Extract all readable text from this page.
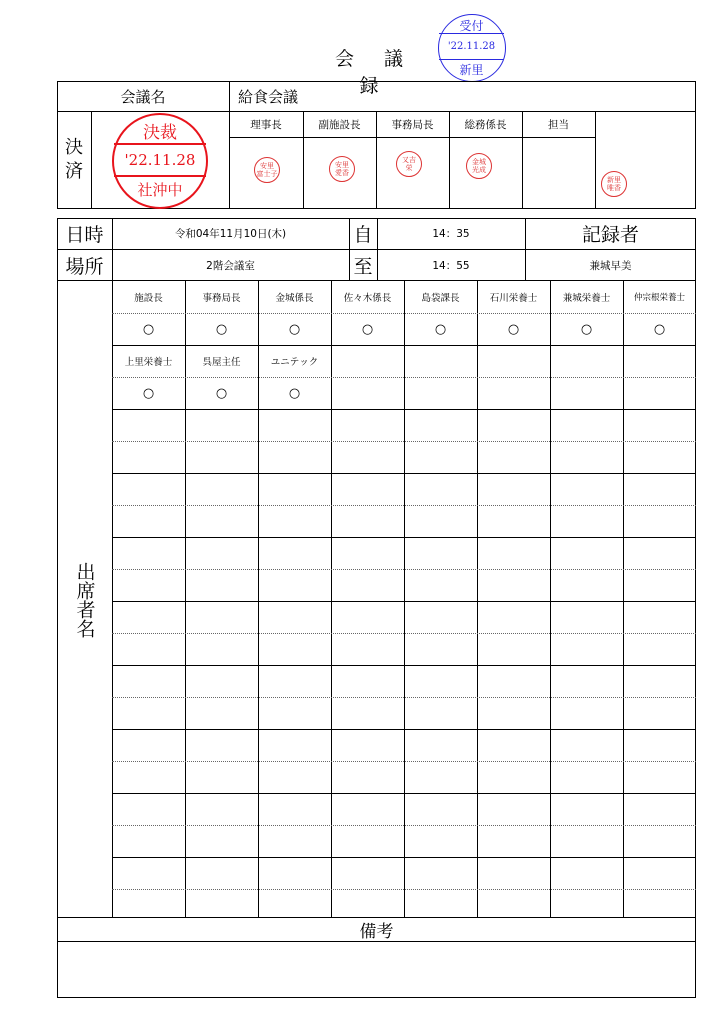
会 議 録
受付
'22.11.28
新里
会議名	給食会議
決
済
決裁
'22.11.28
社沖中
理事長	副施設長	事務局長	総務係長	担当
安里
富士子
安里
愛香
又吉
栄
金城
光成
新里
唯香
日時	令和04年11月10日(木)	自	14：35	記録者
場所	2階会議室	至	14：55	兼城早美
出席者名
施設長	事務局長	金城係長	佐々木係長	島袋課長	石川栄養士	兼城栄養士	仲宗根栄養士
○	○	○	○	○	○	○	○
上里栄養士	呉屋主任	ユニテック
○	○	○
備考
